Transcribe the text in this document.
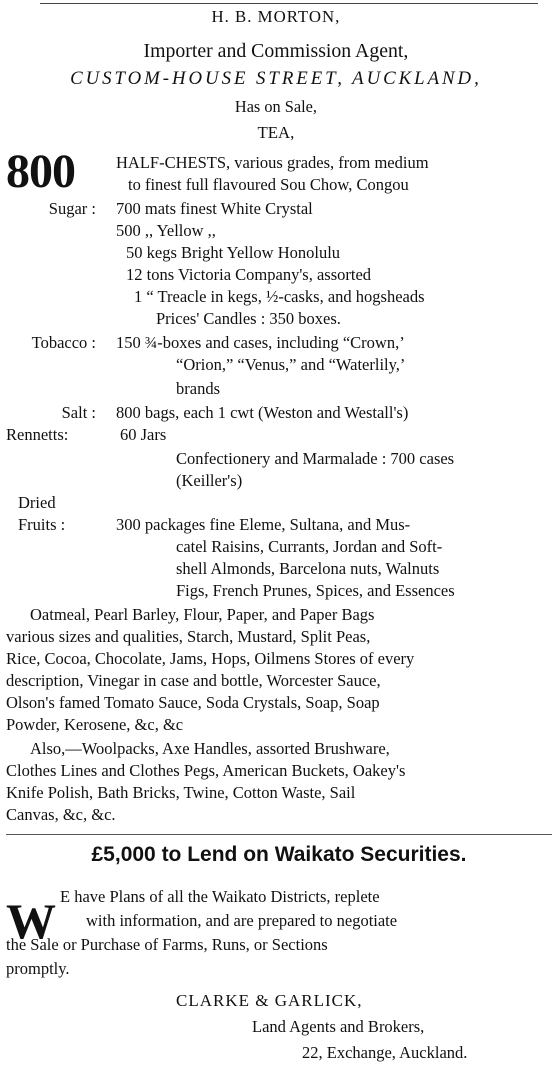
H. B. MORTON,
Importer and Commission Agent,
CUSTOM-HOUSE STREET, AUCKLAND,
Has on Sale,
TEA,
800 HALF-CHESTS, various grades, from medium
to finest full flavoured Sou Chow, Congou
Sugar : 700 mats finest White Crystal
500 ,, Yellow ,,
50 kegs Bright Yellow Honolulu
12 tons Victoria Company's, assorted
1 “ Treacle in kegs, ½-casks, and hogsheads
Prices' Candles : 350 boxes.
Tobacco : 150 ¾-boxes and cases, including “Crown,’
“Orion,” “Venus,” and “Waterlily,’
brands
Salt : 800 bags, each 1 cwt (Weston and Westall's)
Rennetts:	60 Jars
Confectionery and Marmalade : 700 cases
(Keiller's)
Dried
Fruits :	300 packages fine Eleme, Sultana, and Mus-
catel Raisins, Currants, Jordan and Soft-
shell Almonds, Barcelona nuts, Walnuts
Figs, French Prunes, Spices, and Essences
Oatmeal, Pearl Barley, Flour, Paper, and Paper Bags
various sizes and qualities, Starch, Mustard, Split Peas,
Rice, Cocoa, Chocolate, Jams, Hops, Oilmens Stores of every
description, Vinegar in case and bottle, Worcester Sauce,
Olson's famed Tomato Sauce, Soda Crystals, Soap, Soap
Powder, Kerosene, &c, &c
Also,—Woolpacks, Axe Handles, assorted Brushware,
Clothes Lines and Clothes Pegs, American Buckets, Oakey's
Knife Polish, Bath Bricks, Twine, Cotton Waste, Sail
Canvas, &c, &c.
£5,000 to Lend on Waikato Securities.
W E have Plans of all the Waikato Districts, replete
with information, and are prepared to negotiate
the Sale or Purchase of Farms, Runs, or Sections
promptly.
CLARKE & GARLICK,
Land Agents and Brokers,
22, Exchange, Auckland.
